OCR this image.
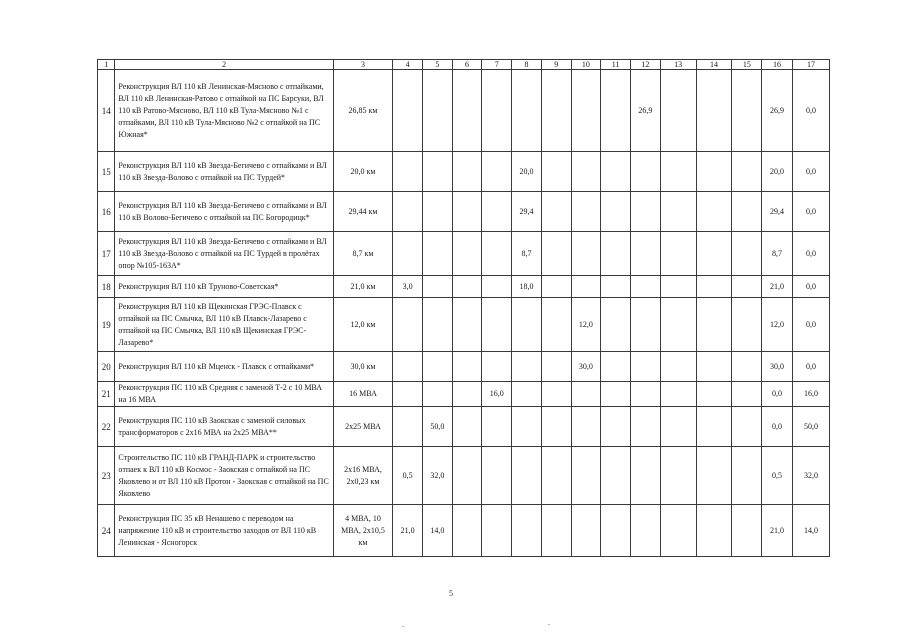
1	2	3	4	5	6	7	8	9	10	11	12	13	14	15	16	17
14	Реконструкция ВЛ 110 кВ Ленинская-Мясново с отпайками, ВЛ 110 кВ Ленинская-Ратово с отпайкой на ПС Барсуки, ВЛ 110 кВ Ратово-Мясново, ВЛ 110 кВ Тула-Мясново №1 с отпайками, ВЛ 110 кВ Тула-Мясново №2 с отпайкой на ПС Южная*	26,85 км									26,9				26,9	0,0
15	Реконструкция ВЛ 110 кВ Звезда-Бегичево с отпайками и ВЛ 110 кВ Звезда-Волово с отпайкой на ПС Турдей*	20,0 км					20,0								20,0	0,0
16	Реконструкция ВЛ 110 кВ Звезда-Бегичево с отпайками и ВЛ 110 кВ Волово-Бегичево с отпайкой на ПС Богородицк*	29,44 км					29,4								29,4	0,0
17	Реконструкция ВЛ 110 кВ Звезда-Бегичево с отпайками и ВЛ 110 кВ Звезда-Волово с отпайкой на ПС Турдей в пролётах опор №105-163А*	8,7 км					8,7								8,7	0,0
18	Реконструкция ВЛ 110 кВ Труново-Советская*	21,0 км	3,0				18,0								21,0	0,0
19	Реконструкция ВЛ 110 кВ Щекинская ГРЭС-Плавск с отпайкой на ПС Смычка, ВЛ 110 кВ Плавск-Лазарево с отпайкой на ПС Смычка, ВЛ 110 кВ Щекинская ГРЭС-Лазарево*	12,0 км							12,0						12,0	0,0
20	Реконструкция ВЛ 110 кВ Мценск - Плавск с отпайками*	30,0 км							30,0						30,0	0,0
21	Реконструкция ПС 110 кВ Средняя с заменой Т-2 с 10 МВА на 16 МВА	16 МВА				16,0									0,0	16,0
22	Реконструкция ПС 110 кВ Заокская с заменой силовых трансформаторов с 2х16 МВА на 2х25 МВА**	2х25 МВА		50,0											0,0	50,0
23	Строительство ПС 110 кВ ГРАНД-ПАРК и строительство отпаек к ВЛ 110 кВ Космос - Заокская с отпайкой на ПС Яковлево и от ВЛ 110 кВ Протон - Заокская с отпайкой на ПС Яковлево	2х16 МВА, 2х0,23 км	0,5	32,0											0,5	32,0
24	Реконструкция ПС 35 кВ Ненашево с переводом на напряжение 110 кВ и строительство заходов от ВЛ 110 кВ Ленинская - Ясногорск	4 МВА, 10 МВА, 2х10,5 км	21,0	14,0											21,0	14,0
5
